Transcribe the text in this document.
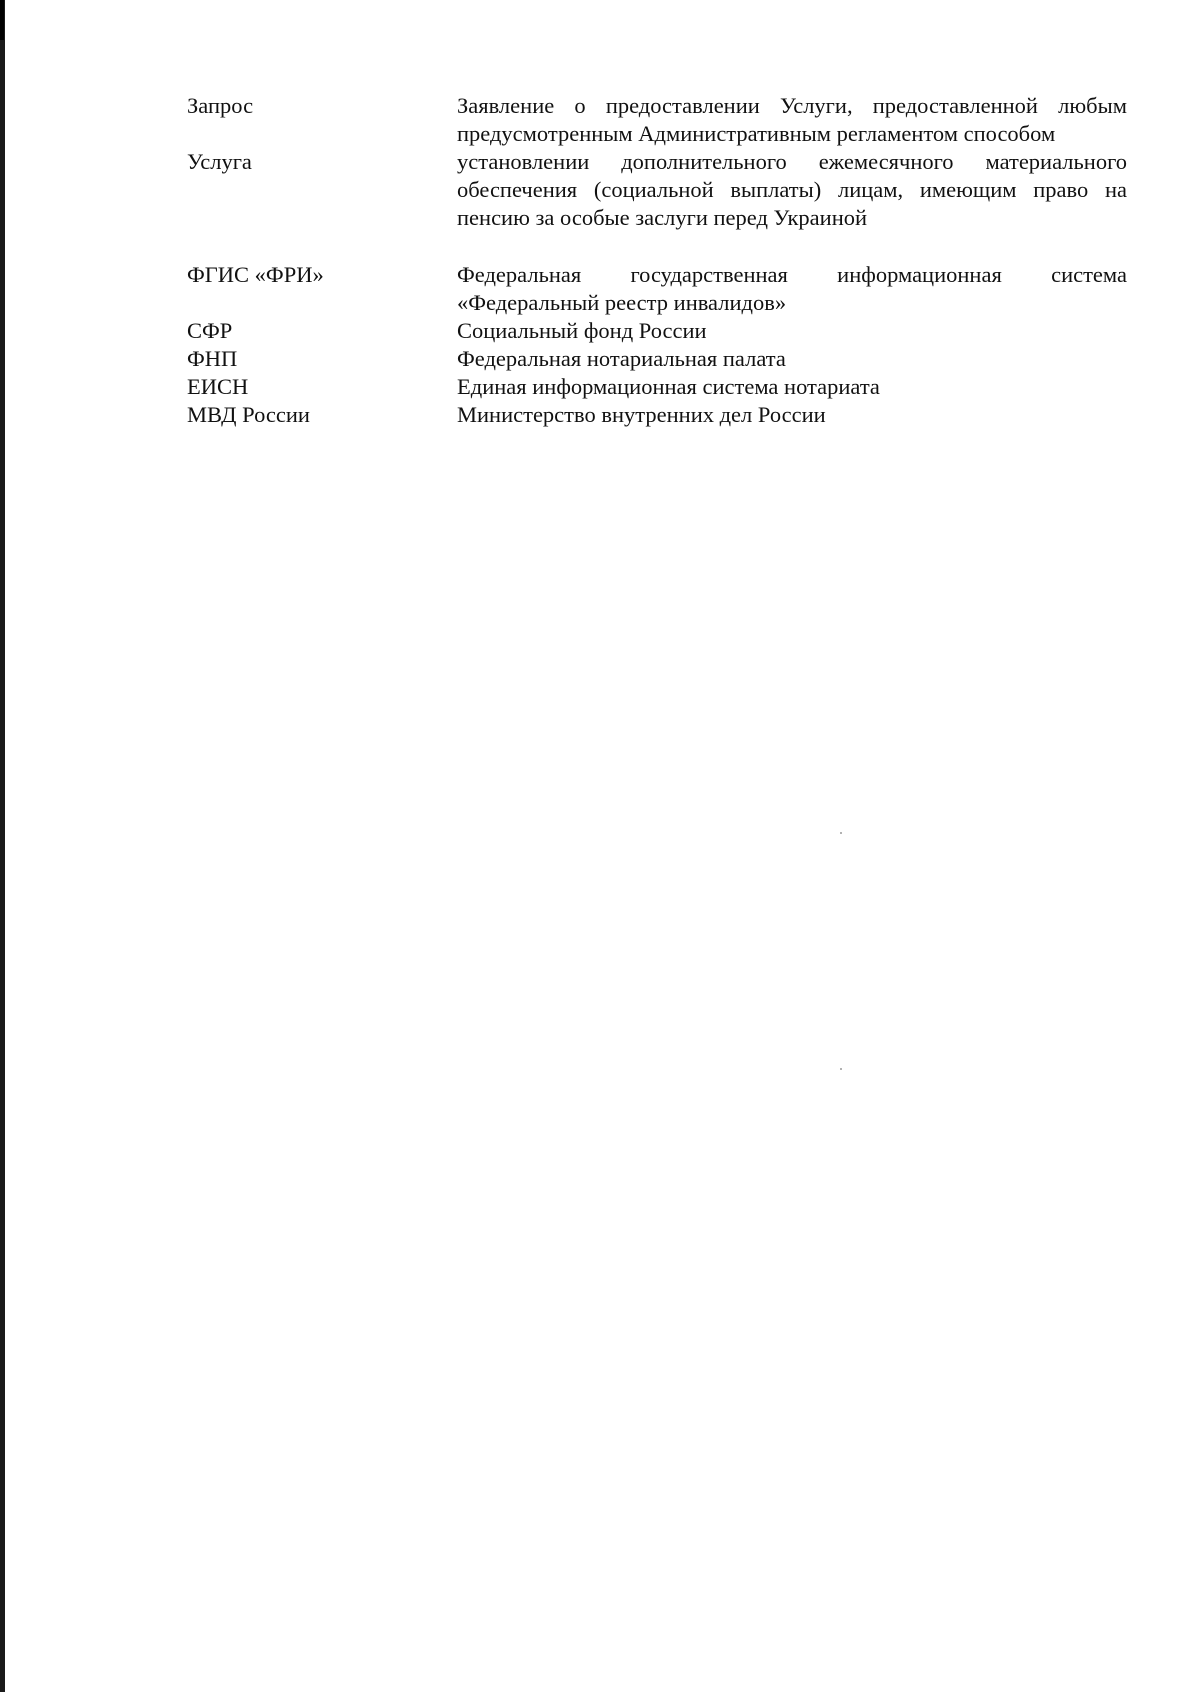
Запрос	Заявление о предоставлении Услуги, предоставленной любым предусмотренным Административным регламентом способом
Услуга	установлении дополнительного ежемесячного материального обеспечения (социальной выплаты) лицам, имеющим право на пенсию за особые заслуги перед Украиной
ФГИС «ФРИ»	Федеральная государственная информационная система «Федеральный реестр инвалидов»
СФР	Социальный фонд России
ФНП	Федеральная нотариальная палата
ЕИСН	Единая информационная система нотариата
МВД России	Министерство внутренних дел России
